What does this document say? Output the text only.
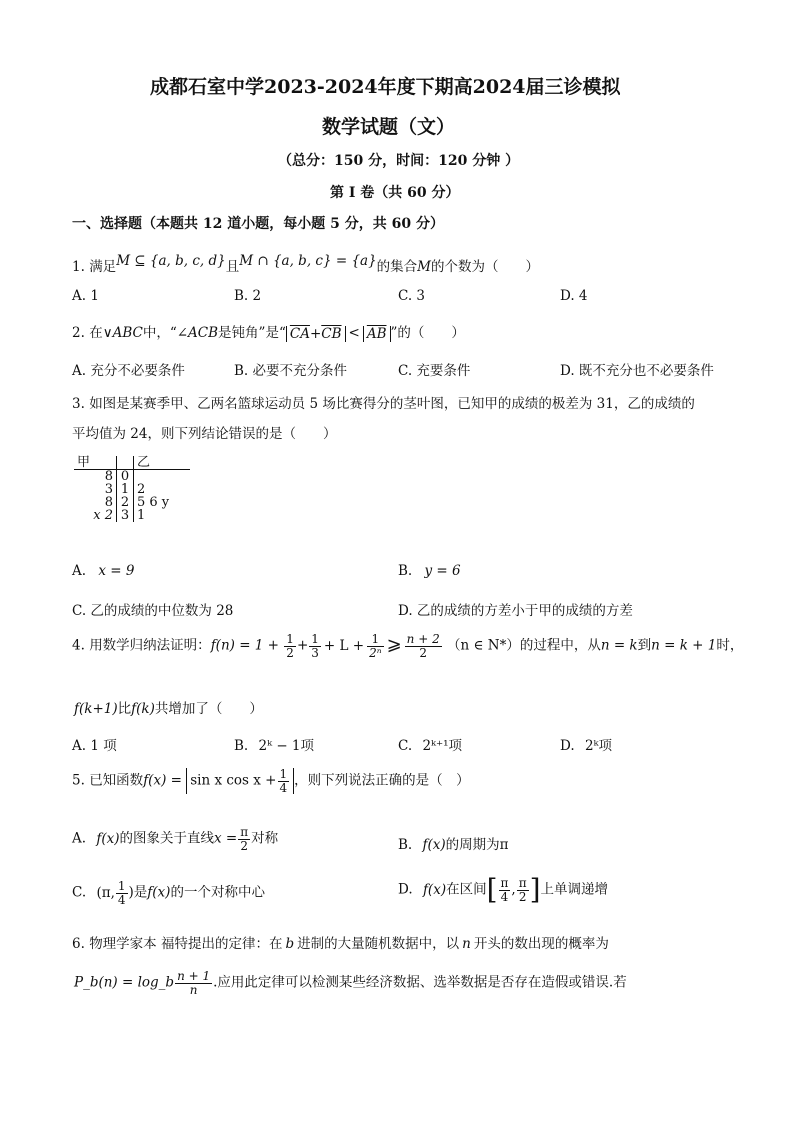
成都石室中学2023-2024年度下期高2024届三诊模拟
数学试题（文）
（总分：150 分，时间：120 分钟 ）
第 I 卷（共 60 分）
一、选择题（本题共 12 道小题，每小题 5 分，共 60 分）
1. 满足M ⊆ {a, b, c, d}且M ∩ {a, b, c} = {a}的集合M的个数为（　　）
A. 1	B. 2	C. 3	D. 4
2. 在∨ABC中，“∠ACB是钝角”是“ $\overline{CA}+\overline{CB} < \overline{AB}$ ”的（　　）
A. 充分不必要条件	B. 必要不充分条件	C. 充要条件	D. 既不充分也不必要条件
3. 如图是某赛季甲、乙两名篮球运动员 5 场比赛得分的茎叶图，已知甲的成绩的极差为 31，乙的成绩的
平均值为 24，则下列结论错误的是（　　）
甲		乙
8	0	
3	1	2
8	2	5 6 y
x 2	3	1
A. x = 9	B. y = 6
C. 乙的成绩的中位数为 28	D. 乙的成绩的方差小于甲的成绩的方差
4. 用数学归纳法证明：$f(n) = 1 + \frac{1}{2} + \frac{1}{3} + L + \frac{1}{\text{2ⁿ}}$ ⩾ $\frac{n + 2}{2} (n$ ∈ N*）的过程中，从n = k到n = k + 1时，
f(k+1)比f(k)共增加了（　　）
A. 1 项	B. 2ᵏ − 1项	C. 2ᵏ⁺¹项	D. 2ᵏ项
5. 已知函数f(x) = sin x $\cos x + \frac{1}{4}$ ，则下列说法正确的是（　）
A. f(x)的图象关于直线$x = \frac{\pi}{2}$ 对称	B. f(x)的周期为π
C. (π, $\frac{1}{4}$ )是f(x)的一个对称中心	D. f(x)在区间[ $\frac{\pi}{4}$ , $\frac{\pi}{2}$ ]上单调递增
6. 物理学家本 福特提出的定律：在 b 进制的大量随机数据中，以 n 开头的数出现的概率为
P_b(n) = log_b $\frac{n + 1}{n}$ .应用此定律可以检测某些经济数据、选举数据是否存在造假或错误.若
